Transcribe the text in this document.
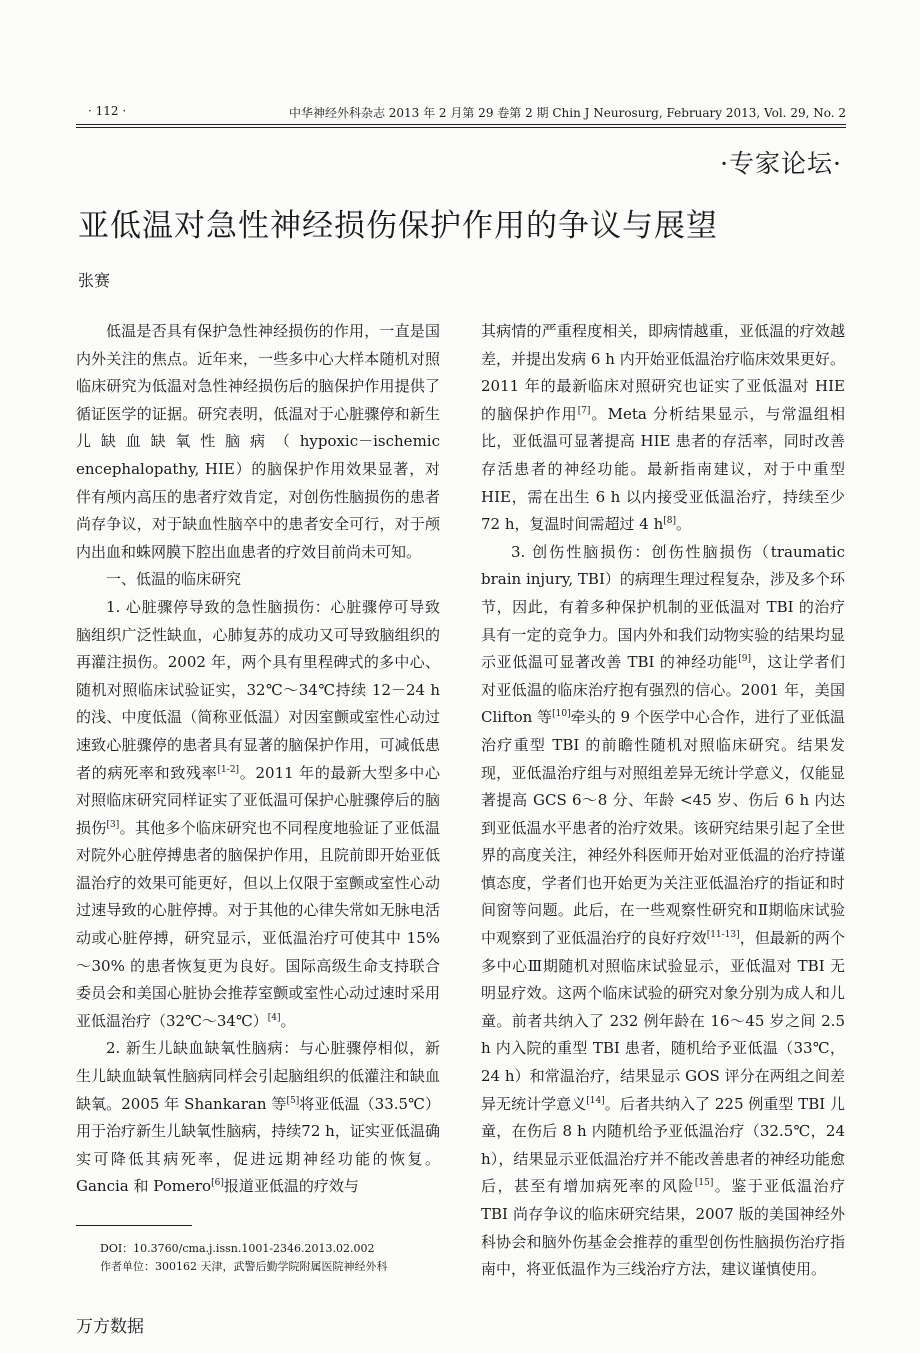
· 112 ·	中华神经外科杂志 2013 年 2 月第 29 卷第 2 期 Chin J Neurosurg, February 2013, Vol. 29, No. 2
·专家论坛·
亚低温对急性神经损伤保护作用的争议与展望
张赛

低温是否具有保护急性神经损伤的作用，一直是国内外关注的焦点。近年来，一些多中心大样本随机对照临床研究为低温对急性神经损伤后的脑保护作用提供了循证医学的证据。研究表明，低温对于心脏骤停和新生儿缺血缺氧性脑病（hypoxic－ischemic encephalopathy, HIE）的脑保护作用效果显著，对伴有颅内高压的患者疗效肯定，对创伤性脑损伤的患者尚存争议，对于缺血性脑卒中的患者安全可行，对于颅内出血和蛛网膜下腔出血患者的疗效目前尚未可知。

一、低温的临床研究

1. 心脏骤停导致的急性脑损伤：心脏骤停可导致脑组织广泛性缺血，心肺复苏的成功又可导致脑组织的再灌注损伤。2002 年，两个具有里程碑式的多中心、随机对照临床试验证实，32℃～34℃持续 12－24 h 的浅、中度低温（简称亚低温）对因室颤或室性心动过速致心脏骤停的患者具有显著的脑保护作用，可减低患者的病死率和致残率[1-2]。2011 年的最新大型多中心对照临床研究同样证实了亚低温可保护心脏骤停后的脑损伤[3]。其他多个临床研究也不同程度地验证了亚低温对院外心脏停搏患者的脑保护作用，且院前即开始亚低温治疗的效果可能更好，但以上仅限于室颤或室性心动过速导致的心脏停搏。对于其他的心律失常如无脉电活动或心脏停搏，研究显示，亚低温治疗可使其中 15%～30% 的患者恢复更为良好。国际高级生命支持联合委员会和美国心脏协会推荐室颤或室性心动过速时采用亚低温治疗（32℃～34℃）[4]。

2. 新生儿缺血缺氧性脑病：与心脏骤停相似，新生儿缺血缺氧性脑病同样会引起脑组织的低灌注和缺血缺氧。2005 年 Shankaran 等[5]将亚低温（33.5℃）用于治疗新生儿缺氧性脑病，持续72 h，证实亚低温确实可降低其病死率，促进远期神经功能的恢复。Gancia 和 Pomero[6]报道亚低温的疗效与

其病情的严重程度相关，即病情越重，亚低温的疗效越差，并提出发病 6 h 内开始亚低温治疗临床效果更好。2011 年的最新临床对照研究也证实了亚低温对 HIE 的脑保护作用[7]。Meta 分析结果显示，与常温组相比，亚低温可显著提高 HIE 患者的存活率，同时改善存活患者的神经功能。最新指南建议，对于中重型 HIE，需在出生 6 h 以内接受亚低温治疗，持续至少 72 h，复温时间需超过 4 h[8]。

3. 创伤性脑损伤：创伤性脑损伤（traumatic brain injury, TBI）的病理生理过程复杂，涉及多个环节，因此，有着多种保护机制的亚低温对 TBI 的治疗具有一定的竞争力。国内外和我们动物实验的结果均显示亚低温可显著改善 TBI 的神经功能[9]，这让学者们对亚低温的临床治疗抱有强烈的信心。2001 年，美国 Clifton 等[10]牵头的 9 个医学中心合作，进行了亚低温治疗重型 TBI 的前瞻性随机对照临床研究。结果发现，亚低温治疗组与对照组差异无统计学意义，仅能显著提高 GCS 6～8 分、年龄 <45 岁、伤后 6 h 内达到亚低温水平患者的治疗效果。该研究结果引起了全世界的高度关注，神经外科医师开始对亚低温的治疗持谨慎态度，学者们也开始更为关注亚低温治疗的指证和时间窗等问题。此后，在一些观察性研究和Ⅱ期临床试验中观察到了亚低温治疗的良好疗效[11-13]，但最新的两个多中心Ⅲ期随机对照临床试验显示，亚低温对 TBI 无明显疗效。这两个临床试验的研究对象分别为成人和儿童。前者共纳入了 232 例年龄在 16～45 岁之间 2.5 h 内入院的重型 TBI 患者，随机给予亚低温（33℃，24 h）和常温治疗，结果显示 GOS 评分在两组之间差异无统计学意义[14]。后者共纳入了 225 例重型 TBI 儿童，在伤后 8 h 内随机给予亚低温治疗（32.5℃，24 h），结果显示亚低温治疗并不能改善患者的神经功能愈后，甚至有增加病死率的风险[15]。鉴于亚低温治疗 TBI 尚存争议的临床研究结果，2007 版的美国神经外科协会和脑外伤基金会推荐的重型创伤性脑损伤治疗指南中，将亚低温作为三线治疗方法，建议谨慎使用。

DOI：10.3760/cma.j.issn.1001-2346.2013.02.002
作者单位：300162 天津，武警后勤学院附属医院神经外科
万方数据
